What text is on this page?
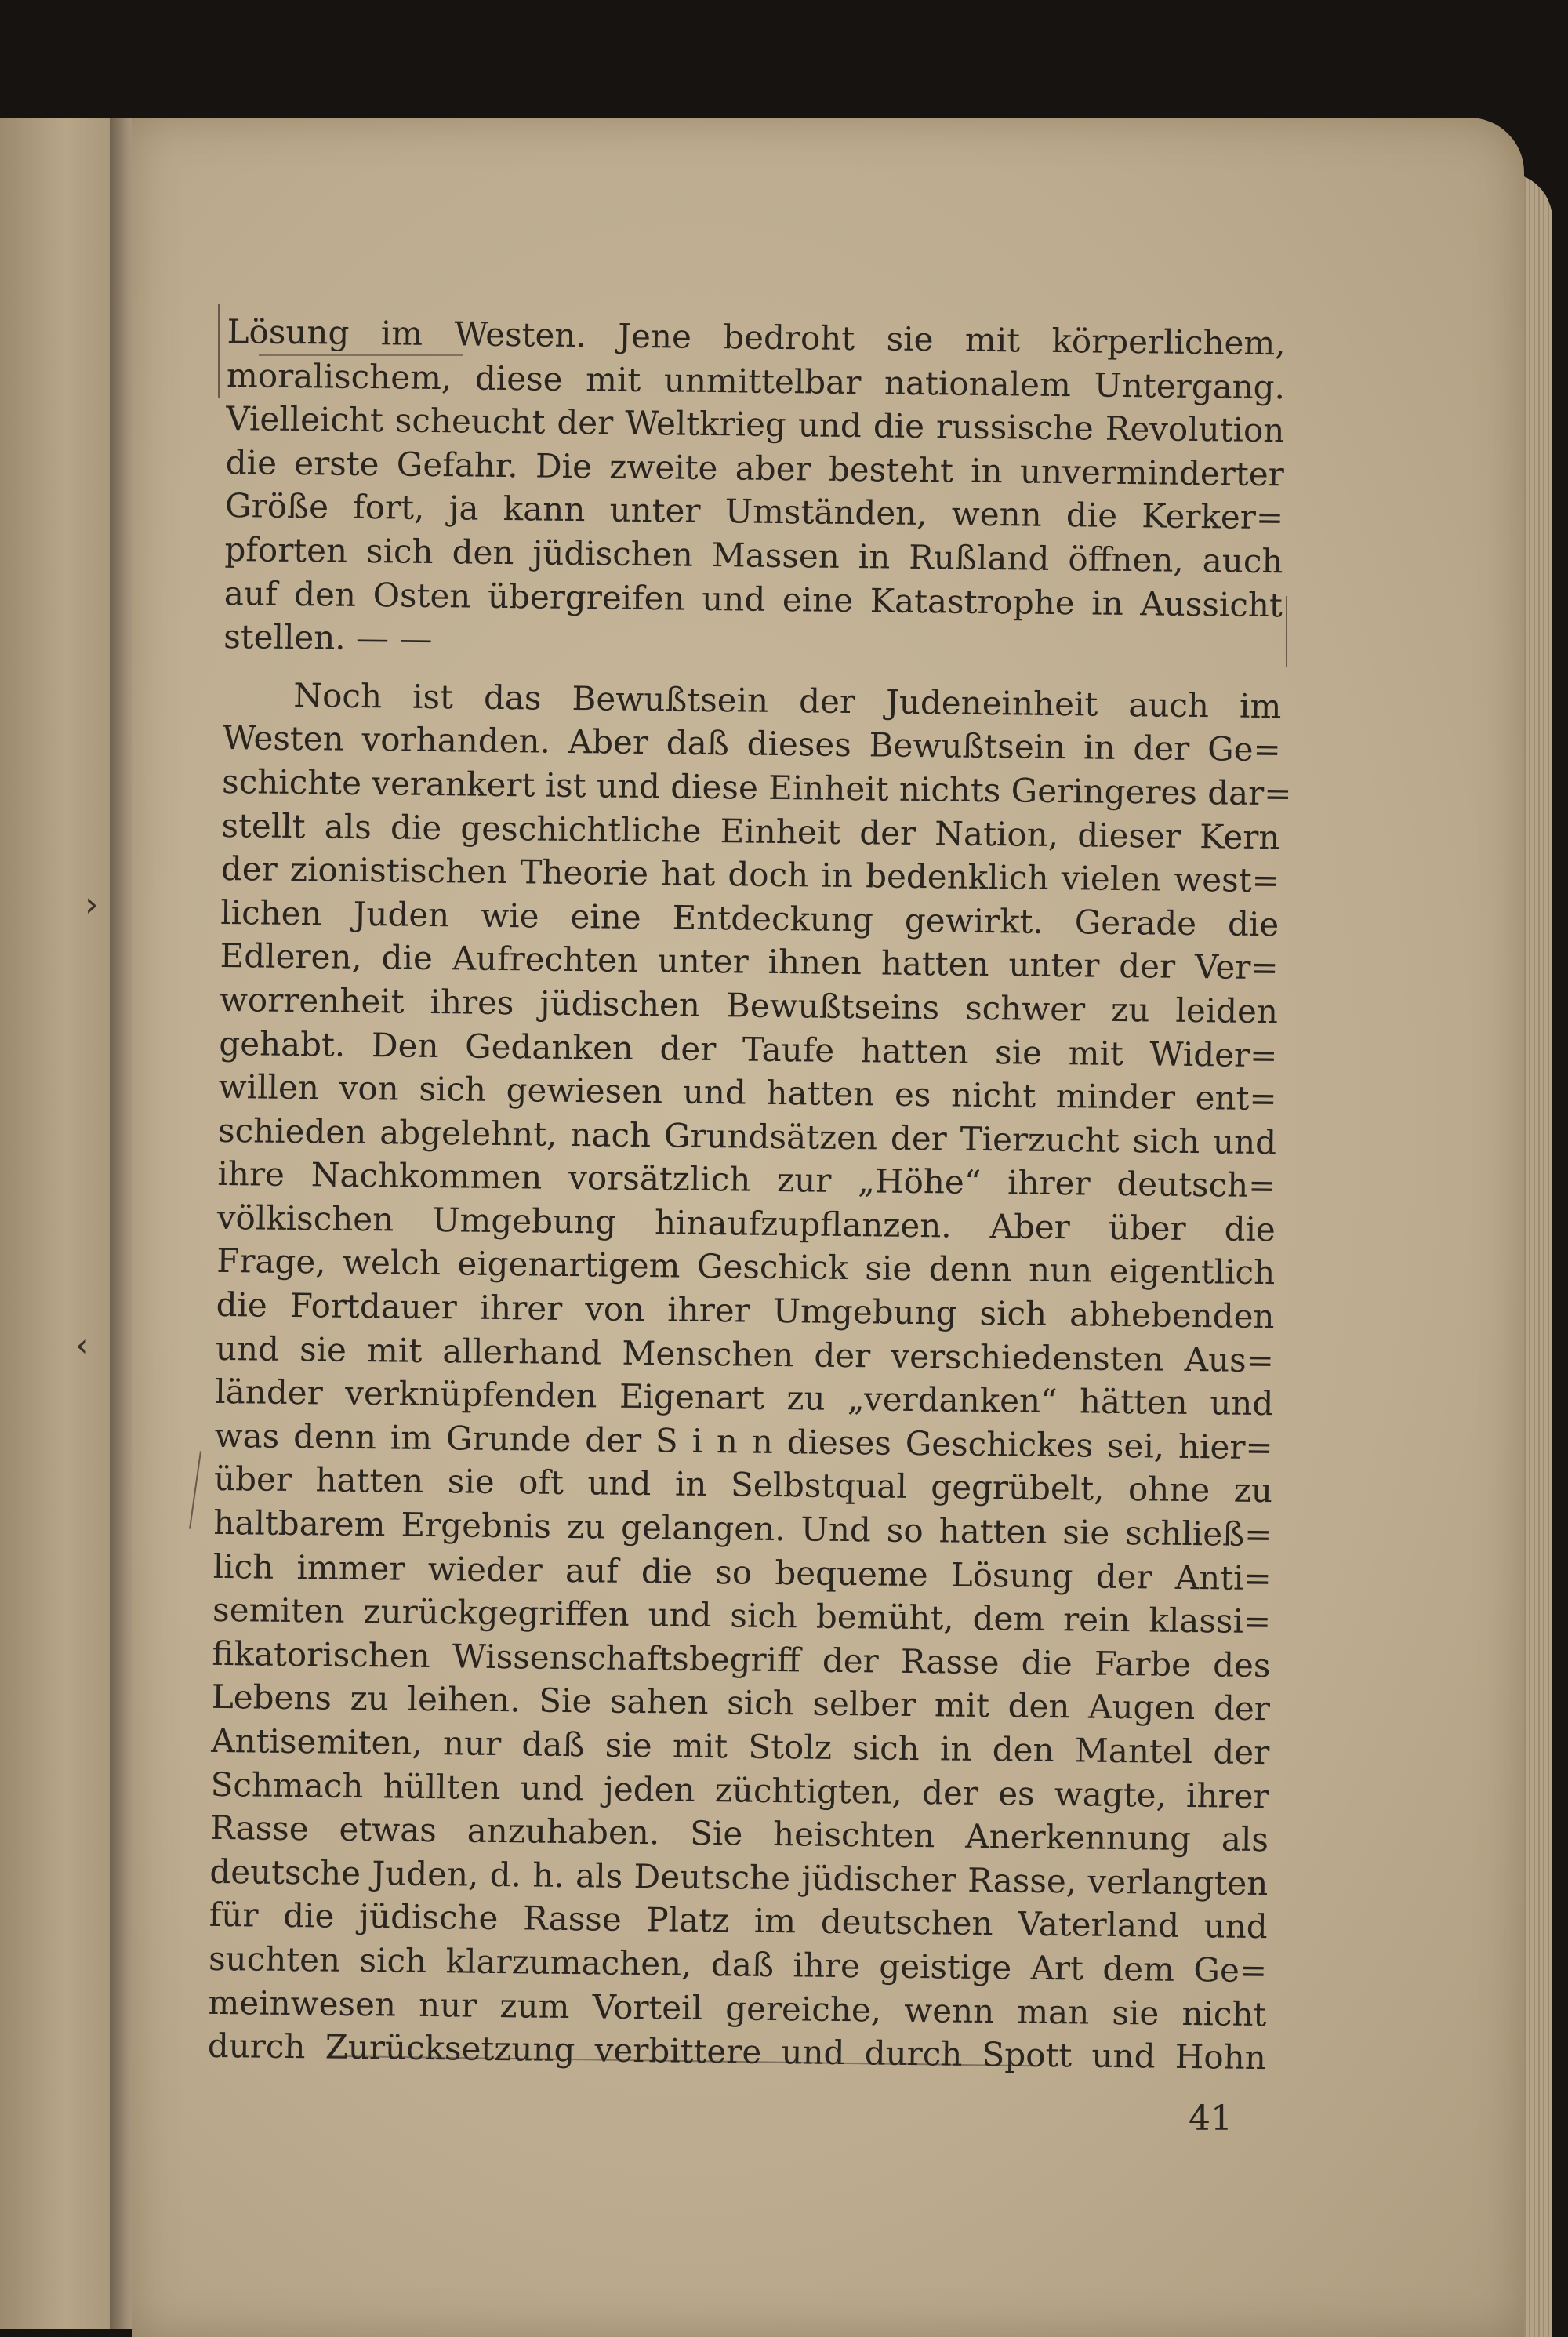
›
‹
Lösung im Westen. Jene bedroht sie mit körperlichem,
moralischem, diese mit unmittelbar nationalem Untergang.
Vielleicht scheucht der Weltkrieg und die russische Revolution
die erste Gefahr. Die zweite aber besteht in unverminderter
Größe fort, ja kann unter Umständen, wenn die Kerker=
pforten sich den jüdischen Massen in Rußland öffnen, auch
auf den Osten übergreifen und eine Katastrophe in Aussicht
stellen. — —
Noch ist das Bewußtsein der Judeneinheit auch im
Westen vorhanden. Aber daß dieses Bewußtsein in der Ge=
schichte verankert ist und diese Einheit nichts Geringeres dar=
stellt als die geschichtliche Einheit der Nation, dieser Kern
der zionistischen Theorie hat doch in bedenklich vielen west=
lichen Juden wie eine Entdeckung gewirkt. Gerade die
Edleren, die Aufrechten unter ihnen hatten unter der Ver=
worrenheit ihres jüdischen Bewußtseins schwer zu leiden
gehabt. Den Gedanken der Taufe hatten sie mit Wider=
willen von sich gewiesen und hatten es nicht minder ent=
schieden abgelehnt, nach Grundsätzen der Tierzucht sich und
ihre Nachkommen vorsätzlich zur „Höhe“ ihrer deutsch=
völkischen Umgebung hinaufzupflanzen. Aber über die
Frage, welch eigenartigem Geschick sie denn nun eigentlich
die Fortdauer ihrer von ihrer Umgebung sich abhebenden
und sie mit allerhand Menschen der verschiedensten Aus=
länder verknüpfenden Eigenart zu „verdanken“ hätten und
was denn im Grunde der S i n n dieses Geschickes sei, hier=
über hatten sie oft und in Selbstqual gegrübelt, ohne zu
haltbarem Ergebnis zu gelangen. Und so hatten sie schließ=
lich immer wieder auf die so bequeme Lösung der Anti=
semiten zurückgegriffen und sich bemüht, dem rein klassi=
fikatorischen Wissenschaftsbegriff der Rasse die Farbe des
Lebens zu leihen. Sie sahen sich selber mit den Augen der
Antisemiten, nur daß sie mit Stolz sich in den Mantel der
Schmach hüllten und jeden züchtigten, der es wagte, ihrer
Rasse etwas anzuhaben. Sie heischten Anerkennung als
deutsche Juden, d. h. als Deutsche jüdischer Rasse, verlangten
für die jüdische Rasse Platz im deutschen Vaterland und
suchten sich klarzumachen, daß ihre geistige Art dem Ge=
meinwesen nur zum Vorteil gereiche, wenn man sie nicht
durch Zurücksetzung verbittere und durch Spott und Hohn
41
